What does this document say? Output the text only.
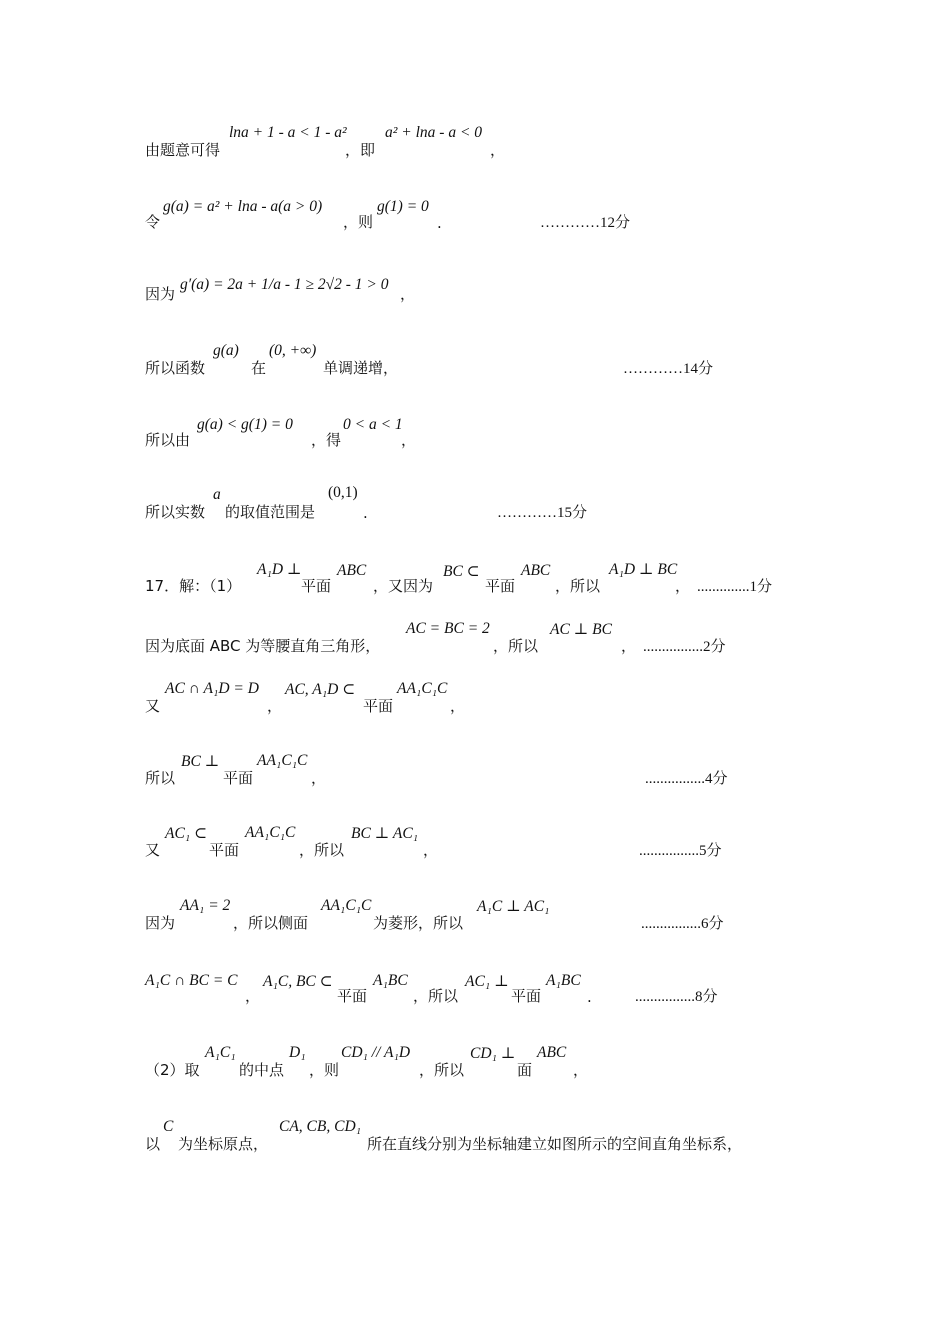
由题意可得
lna + 1 - a < 1 - a²
，即
a² + lna - a < 0
，
令
g(a) = a² + lna - a(a > 0)
，则
g(1) = 0
.	…………12分
因为
g′(a) = 2a + 1/a - 1 ≥ 2√2 - 1 > 0
，
所以函数
g(a)
在
(0, +∞)
单调递增，	…………14分
所以由
g(a) < g(1) = 0
，得
0 < a < 1
，
所以实数
a
的取值范围是
(0,1)
.	…………15分
17．解：（1）
A₁D ⊥
平面
ABC
，又因为
BC ⊂
平面
ABC
，所以
A₁D ⊥ BC
， ..............1分
因为底面 ABC 为等腰直角三角形，
AC = BC = 2
，所以
AC ⊥ BC
， ................2分
又
AC ∩ A₁D = D
，
AC, A₁D ⊂
平面
AA₁C₁C
，
所以
BC ⊥
平面
AA₁C₁C
，	................4分
又
AC₁ ⊂
平面
AA₁C₁C
，所以
BC ⊥ AC₁
，	................5分
因为
AA₁ = 2
，所以侧面
AA₁C₁C
为菱形，所以
A₁C ⊥ AC₁
................6分
A₁C ∩ BC = C
，
A₁C, BC ⊂
平面
A₁BC
，所以
AC₁ ⊥
平面
A₁BC
.	................8分
（2）取
A₁C₁
的中点
D₁
，则
CD₁ // A₁D
，所以
CD₁ ⊥
面
ABC
，
以
C
为坐标原点，
CA, CB, CD₁
所在直线分别为坐标轴建立如图所示的空间直角坐标系，
